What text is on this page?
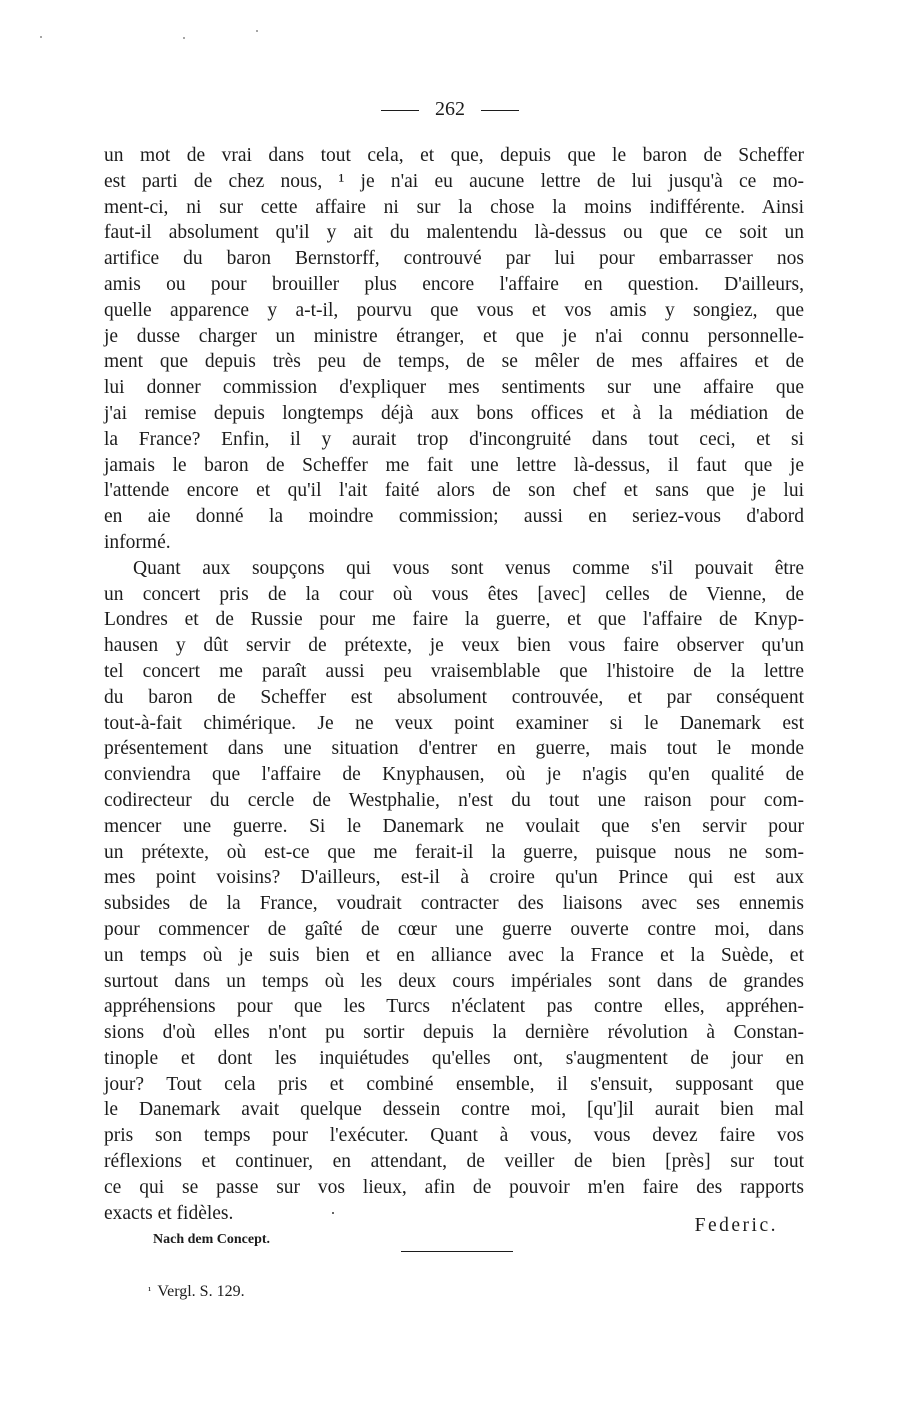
262
un mot de vrai dans tout cela, et que, depuis que le baron de Scheffer
est parti de chez nous, ¹ je n'ai eu aucune lettre de lui jusqu'à ce mo-
ment-ci, ni sur cette affaire ni sur la chose la moins indifférente. Ainsi
faut-il absolument qu'il y ait du malentendu là-dessus ou que ce soit un
artifice du baron Bernstorff, controuvé par lui pour embarrasser nos
amis ou pour brouiller plus encore l'affaire en question. D'ailleurs,
quelle apparence y a-t-il, pourvu que vous et vos amis y songiez, que
je dusse charger un ministre étranger, et que je n'ai connu personnelle-
ment que depuis très peu de temps, de se mêler de mes affaires et de
lui donner commission d'expliquer mes sentiments sur une affaire que
j'ai remise depuis longtemps déjà aux bons offices et à la médiation de
la France? Enfin, il y aurait trop d'incongruité dans tout ceci, et si
jamais le baron de Scheffer me fait une lettre là-dessus, il faut que je
l'attende encore et qu'il l'ait faité alors de son chef et sans que je lui
en aie donné la moindre commission; aussi en seriez-vous d'abord
informé.
Quant aux soupçons qui vous sont venus comme s'il pouvait être
un concert pris de la cour où vous êtes [avec] celles de Vienne, de
Londres et de Russie pour me faire la guerre, et que l'affaire de Knyp-
hausen y dût servir de prétexte, je veux bien vous faire observer qu'un
tel concert me paraît aussi peu vraisemblable que l'histoire de la lettre
du baron de Scheffer est absolument controuvée, et par conséquent
tout-à-fait chimérique. Je ne veux point examiner si le Danemark est
présentement dans une situation d'entrer en guerre, mais tout le monde
conviendra que l'affaire de Knyphausen, où je n'agis qu'en qualité de
codirecteur du cercle de Westphalie, n'est du tout une raison pour com-
mencer une guerre. Si le Danemark ne voulait que s'en servir pour
un prétexte, où est-ce que me ferait-il la guerre, puisque nous ne som-
mes point voisins? D'ailleurs, est-il à croire qu'un Prince qui est aux
subsides de la France, voudrait contracter des liaisons avec ses ennemis
pour commencer de gaîté de cœur une guerre ouverte contre moi, dans
un temps où je suis bien et en alliance avec la France et la Suède, et
surtout dans un temps où les deux cours impériales sont dans de grandes
appréhensions pour que les Turcs n'éclatent pas contre elles, appréhen-
sions d'où elles n'ont pu sortir depuis la dernière révolution à Constan-
tinople et dont les inquiétudes qu'elles ont, s'augmentent de jour en
jour? Tout cela pris et combiné ensemble, il s'ensuit, supposant que
le Danemark avait quelque dessein contre moi, [qu']il aurait bien mal
pris son temps pour l'exécuter. Quant à vous, vous devez faire vos
réflexions et continuer, en attendant, de veiller de bien [près] sur tout
ce qui se passe sur vos lieux, afin de pouvoir m'en faire des rapports
exacts et fidèles.
Federic.
Nach dem Concept.
¹ Vergl. S. 129.
